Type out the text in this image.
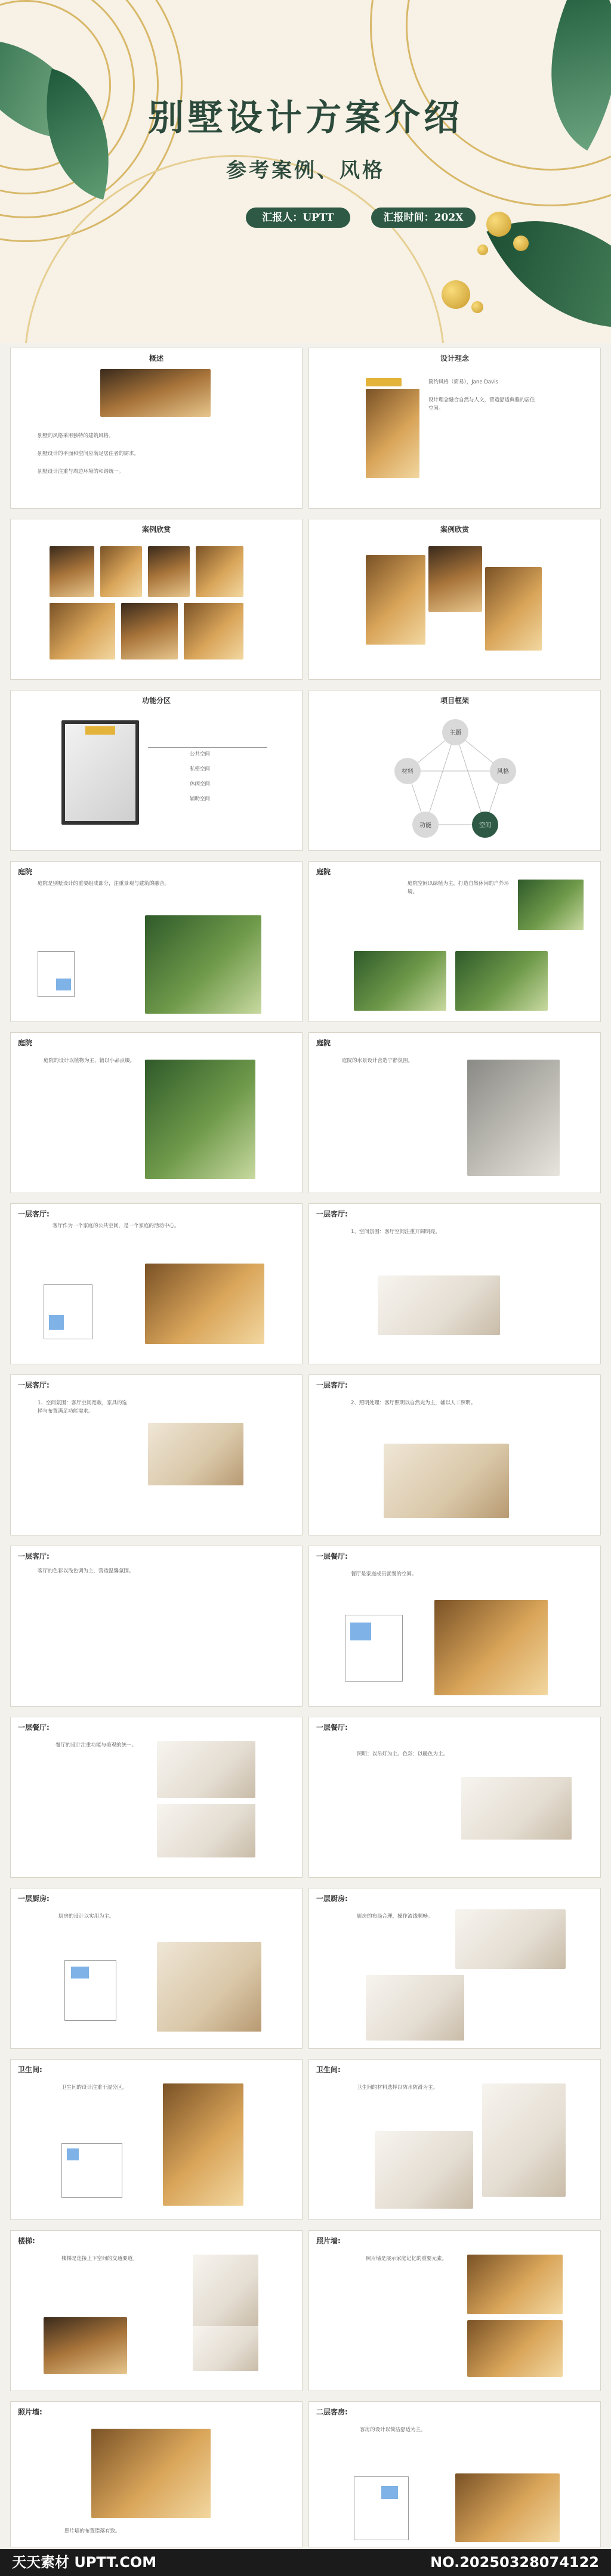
别墅设计方案介绍
参考案例、风格
汇报人：UPTT	汇报时间：202X
概述
别墅的风格采用独特的建筑风格。
别墅设计的平面和空间应满足居住者的需求。
别墅设计注重与周边环境的和谐统一。
设计理念
简约风格（简易），Jane Davis
设计理念融合自然与人文，营造舒适典雅的居住空间。
案例欣赏	案例欣赏
功能分区
公共空间
私密空间
休闲空间
辅助空间
项目框架
主题
风格
空间
功能
材料
庭院
庭院是别墅设计的重要组成部分，注重景观与建筑的融合。
庭院
庭院空间以绿植为主，打造自然休闲的户外环境。
庭院
庭院的设计以植物为主，辅以小品点缀。
庭院
庭院的水景设计营造宁静氛围。
一层客厅:
客厅作为一个家庭的公共空间，是一个家庭的活动中心。
一层客厅:
1、空间氛围：客厅空间注重开阔明亮。
一层客厅:
1、空间氛围：客厅空间宽敞，家具的选择与布置满足功能需求。
一层客厅:
2、照明处理：客厅照明以自然光为主，辅以人工照明。
一层客厅:
客厅的色彩以浅色调为主，营造温馨氛围。
一层餐厅:
餐厅是家庭成员就餐的空间。
一层餐厅:
餐厅的设计注重功能与美观的统一。
一层餐厅:
照明：以吊灯为主。色彩：以暖色为主。
一层厨房:
厨房的设计以实用为主。
一层厨房:
厨房的布局合理，操作流线顺畅。
卫生间:
卫生间的设计注重干湿分区。
卫生间:
卫生间的材料选择以防水防滑为主。
楼梯:
楼梯是连接上下空间的交通要道。
照片墙:
照片墙是展示家庭记忆的重要元素。
照片墙:
照片墙的布置错落有致。
二层客房:
客房的设计以简洁舒适为主。
天天素材 UPTT.COM	NO.20250328074122
